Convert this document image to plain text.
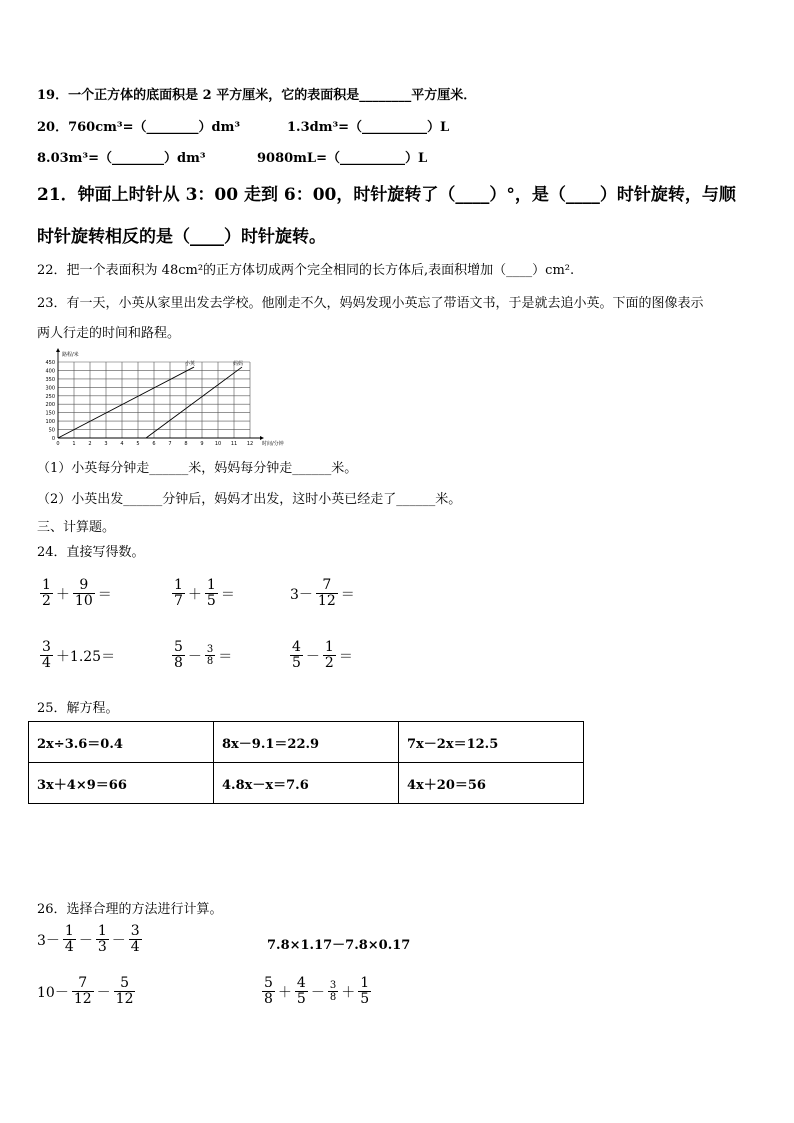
19．一个正方体的底面积是 2 平方厘米，它的表面积是________平方厘米．
20．760cm³=（________）dm³	1.3dm³=（__________）L
8.03m³=（________）dm³	9080mL=（__________）L
21．钟面上时针从 3：00 走到 6：00，时针旋转了（____）°，是（____）时针旋转，与顺
时针旋转相反的是（____）时针旋转。
22．把一个表面积为 48cm²的正方体切成两个完全相同的长方体后,表面积增加（____）cm².
23．有一天，小英从家里出发去学校。他刚走不久，妈妈发现小英忘了带语文书，于是就去追小英。下面的图像表示
两人行走的时间和路程。
0	1	2	3	4	5	6	7	8	9 10 11 12
0
50
100
150
200
250
300
350
400
450	小英	妈妈
路程/米
时间/分钟
（1）小英每分钟走______米，妈妈每分钟走______米。
（2）小英出发______分钟后，妈妈才出发，这时小英已经走了______米。
三、计算题。
24．直接写得数。
$\frac{1}{2} + \frac{9}{10}$ ＝	$\frac{1}{7} + \frac{1}{5}$ ＝	$3- \frac{7}{12}$ ＝
$\frac{3}{4} +1.25=$	$\frac{5}{8} - \frac{3}{8}$ ＝	$\frac{4}{5} - \frac{1}{2}$ ＝
25．解方程。
2x÷3.6＝0.4	8x－9.1＝22.9	7x－2x＝12.5
3x＋4×9＝66	4.8x－x＝7.6	4x＋20＝56
26．选择合理的方法进行计算。
$3- \frac{1}{4} - \frac{1}{3} - \frac{3}{4}$	7.8×1.17－7.8×0.17
$10- \frac{7}{12} - \frac{5}{12}$	$\frac{5}{8} + \frac{4}{5} - \frac{3}{8} + \frac{1}{5}$
